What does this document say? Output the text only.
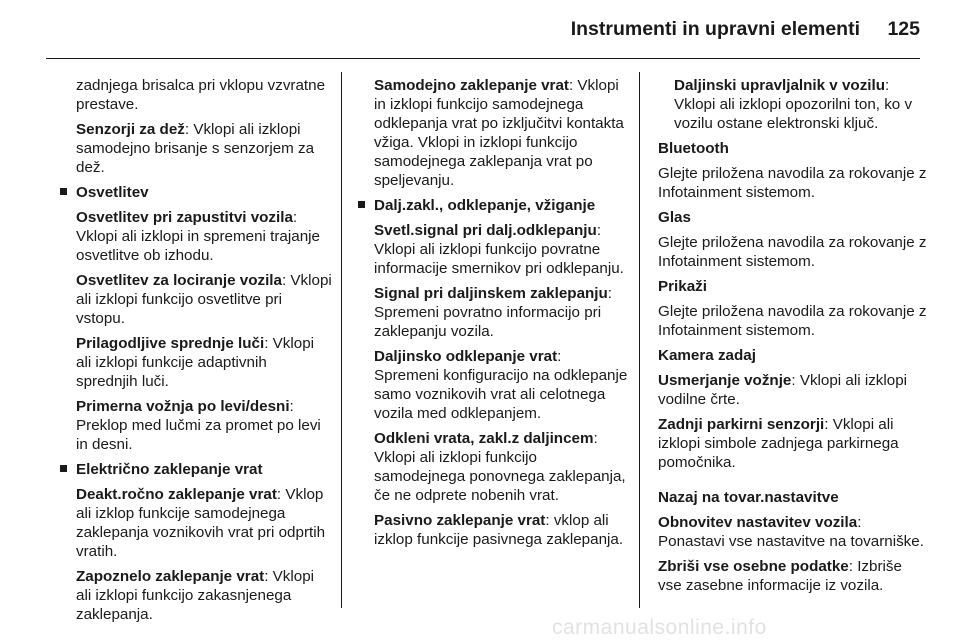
Instrumenti in upravni elementi	125

zadnjega brisalca pri vklopu vzvratne prestave.

Senzorji za dež: Vklopi ali izklopi samodejno brisanje s senzorjem za dež.

Osvetlitev

Osvetlitev pri zapustitvi vozila: Vklopi ali izklopi in spremeni trajanje osvetlitve ob izhodu.

Osvetlitev za lociranje vozila: Vklopi ali izklopi funkcijo osvetlitve pri vstopu.

Prilagodljive sprednje luči: Vklopi ali izklopi funkcije adaptivnih sprednjih luči.

Primerna vožnja po levi/desni: Preklop med lučmi za promet po levi in desni.

Električno zaklepanje vrat

Deakt.ročno zaklepanje vrat: Vklop ali izklop funkcije samodejnega zaklepanja voznikovih vrat pri odprtih vratih.

Zapoznelo zaklepanje vrat: Vklopi ali izklopi funkcijo zakasnjenega zaklepanja.

Samodejno zaklepanje vrat: Vklopi in izklopi funkcijo samodejnega odklepanja vrat po izključitvi kontakta vžiga. Vklopi in izklopi funkcijo samodejnega zaklepanja vrat po speljevanju.

Dalj.zakl., odklepanje, vžiganje

Svetl.signal pri dalj.odklepanju: Vklopi ali izklopi funkcijo povratne informacije smernikov pri odklepanju.

Signal pri daljinskem zaklepanju: Spremeni povratno informacijo pri zaklepanju vozila.

Daljinsko odklepanje vrat: Spremeni konfiguracijo na odklepanje samo voznikovih vrat ali celotnega vozila med odklepanjem.

Odkleni vrata, zakl.z daljincem: Vklopi ali izklopi funkcijo samodejnega ponovnega zaklepanja, če ne odprete nobenih vrat.

Pasivno zaklepanje vrat: vklop ali izklop funkcije pasivnega zaklepanja.

Daljinski upravljalnik v vozilu: Vklopi ali izklopi opozorilni ton, ko v vozilu ostane elektronski ključ.

Bluetooth

Glejte priložena navodila za rokovanje z Infotainment sistemom.

Glas

Glejte priložena navodila za rokovanje z Infotainment sistemom.

Prikaži

Glejte priložena navodila za rokovanje z Infotainment sistemom.

Kamera zadaj

Usmerjanje vožnje: Vklopi ali izklopi vodilne črte.

Zadnji parkirni senzorji: Vklopi ali izklopi simbole zadnjega parkirnega pomočnika.

Nazaj na tovar.nastavitve

Obnovitev nastavitev vozila: Ponastavi vse nastavitve na tovarniške.

Zbriši vse osebne podatke: Izbriše vse zasebne informacije iz vozila.

carmanualsonline.info
